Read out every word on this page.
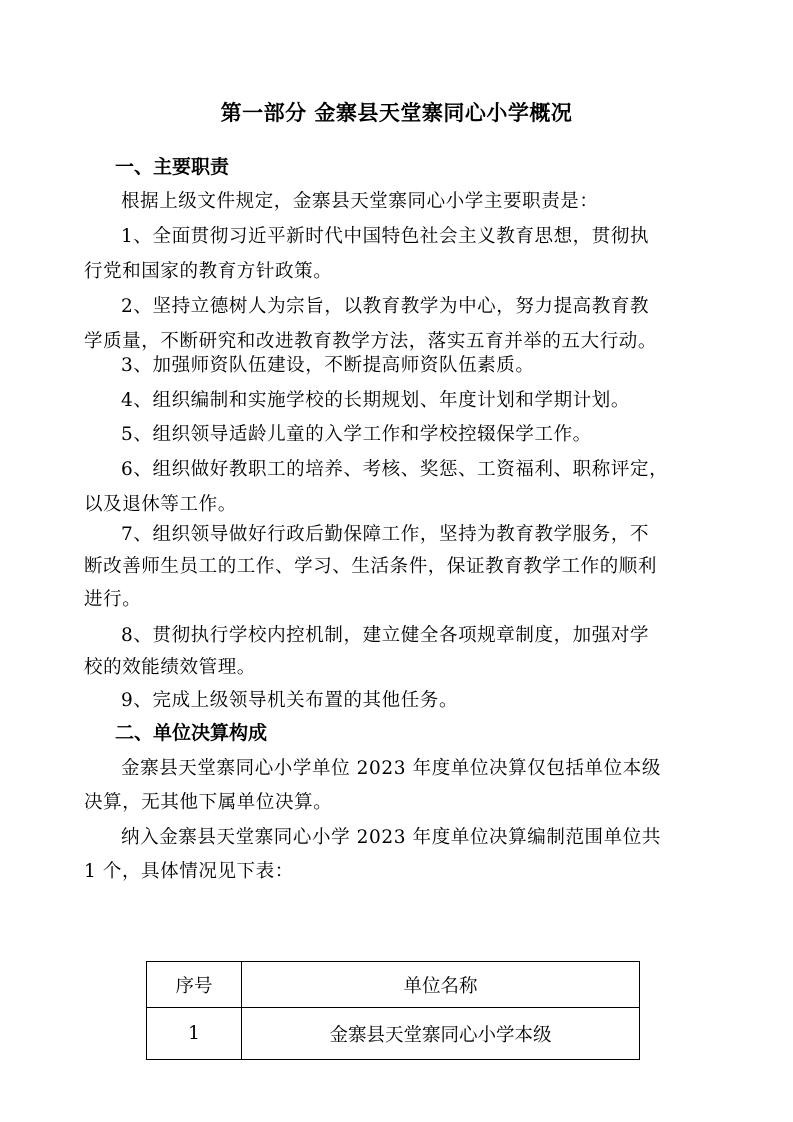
第一部分 金寨县天堂寨同心小学概况
一、主要职责
根据上级文件规定，金寨县天堂寨同心小学主要职责是：
1、全面贯彻习近平新时代中国特色社会主义教育思想，贯彻执
行党和国家的教育方针政策。
2、坚持立德树人为宗旨，以教育教学为中心，努力提高教育教
学质量，不断研究和改进教育教学方法，落实五育并举的五大行动。
3、加强师资队伍建设，不断提高师资队伍素质。
4、组织编制和实施学校的长期规划、年度计划和学期计划。
5、组织领导适龄儿童的入学工作和学校控辍保学工作。
6、组织做好教职工的培养、考核、奖惩、工资福利、职称评定，
以及退休等工作。
7、组织领导做好行政后勤保障工作，坚持为教育教学服务，不
断改善师生员工的工作、学习、生活条件，保证教育教学工作的顺利
进行。
8、贯彻执行学校内控机制，建立健全各项规章制度，加强对学
校的效能绩效管理。
9、完成上级领导机关布置的其他任务。
二、单位决算构成
金寨县天堂寨同心小学单位 2023 年度单位决算仅包括单位本级
决算，无其他下属单位决算。
纳入金寨县天堂寨同心小学 2023 年度单位决算编制范围单位共
1 个，具体情况见下表：
序号	单位名称
1	金寨县天堂寨同心小学本级
